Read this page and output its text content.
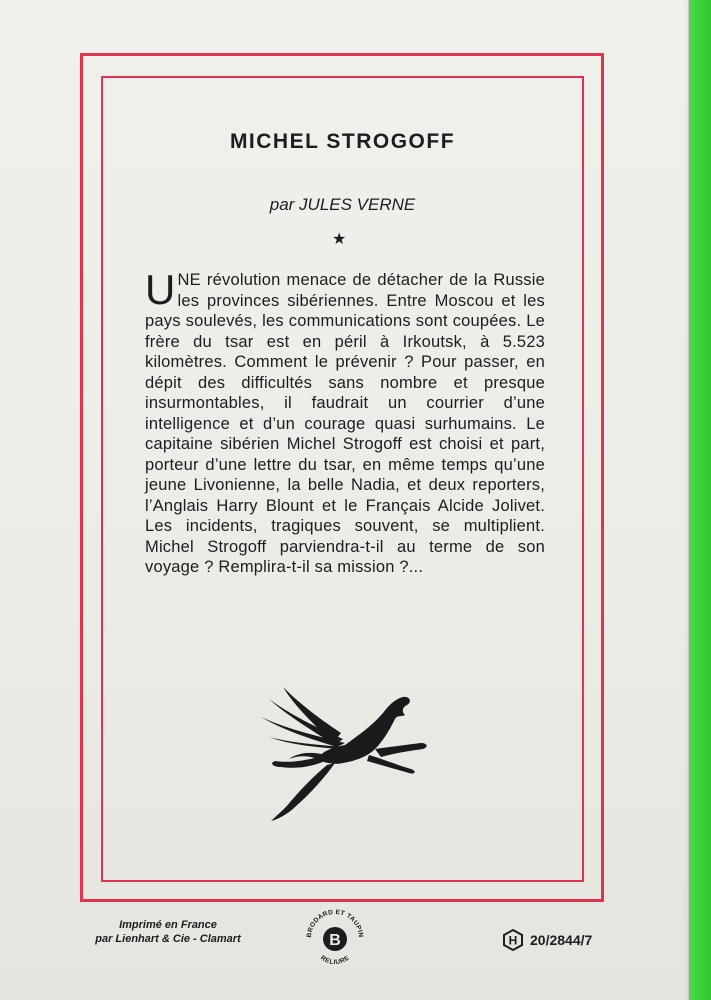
MICHEL STROGOFF
par JULES VERNE
★

UNE révolution menace de détacher de la Russie les provinces sibériennes. Entre Moscou et les pays soulevés, les communications sont coupées. Le frère du tsar est en péril à Irkoutsk, à 5.523 kilomètres. Comment le prévenir ? Pour passer, en dépit des difficultés sans nombre et presque insurmontables, il faudrait un courrier d’une intelligence et d’un courage quasi surhumains. Le capitaine sibérien Michel Strogoff est choisi et part, porteur d’une lettre du tsar, en même temps qu’une jeune Livonienne, la belle Nadia, et deux reporters, l’Anglais Harry Blount et le Français Alcide Jolivet. Les incidents, tragiques souvent, se multiplient. Michel Strogoff parviendra-t-il au terme de son voyage ? Remplira-t-il sa mission ?...

Imprimé en France
par Lienhart & Cie - Clamart	BRODARD ET TAUPIN
RELIURE
B	H 20/2844/7
